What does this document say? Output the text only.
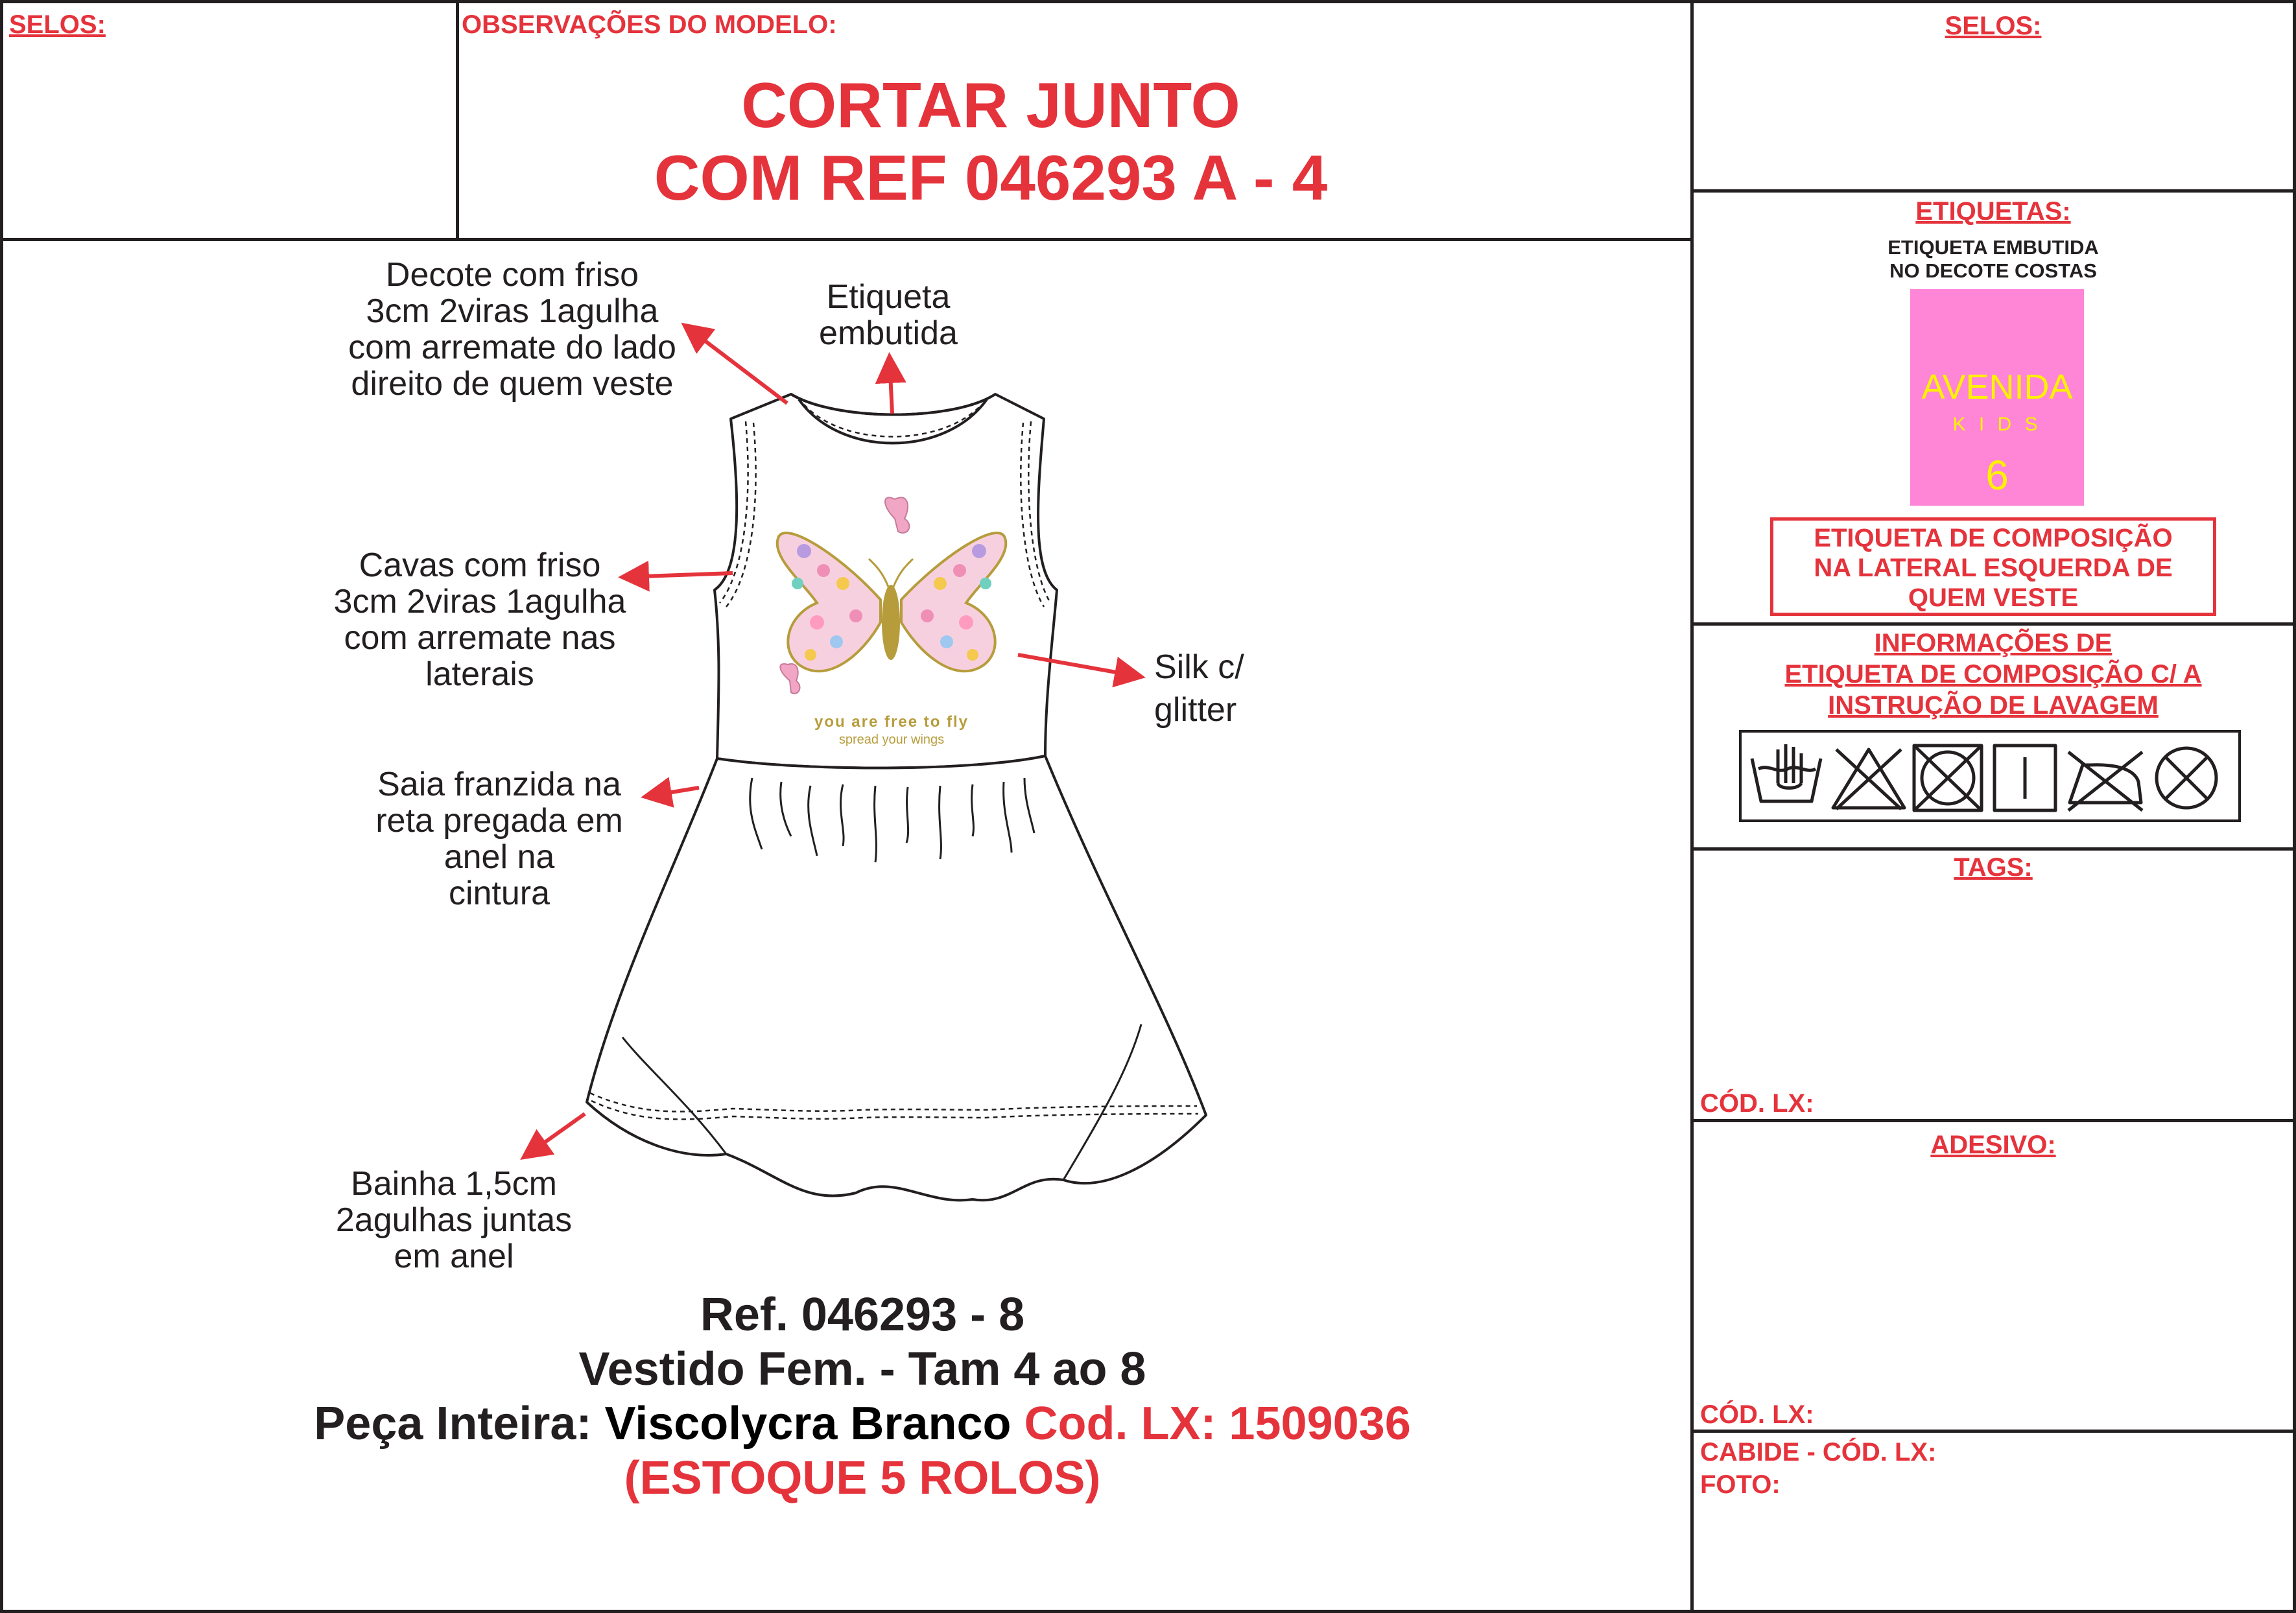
SELOS:	OBSERVAÇÕES DO MODELO:
CORTAR JUNTO
COM REF 046293 A - 4
Decote com friso
3cm 2viras 1agulha
com arremate do lado
direito de quem veste
Etiqueta
embutida
Cavas com friso
3cm 2viras 1agulha
com arremate nas
laterais	Silk c/
glitter
Saia franzida na
reta pregada em
anel na
cintura
Bainha 1,5cm
2agulhas juntas
em anel
you are free to fly
spread your wings
Ref. 046293 - 8
Vestido Fem. - Tam 4 ao 8
Peça Inteira: Viscolycra Branco Cod. LX: 1509036
(ESTOQUE 5 ROLOS)
SELOS:
ETIQUETAS:
ETIQUETA EMBUTIDA
NO DECOTE COSTAS
AVENIDA
K I D S
6
ETIQUETA DE COMPOSIÇÃO
NA LATERAL ESQUERDA DE
QUEM VESTE
INFORMAÇÕES DE
ETIQUETA DE COMPOSIÇÃO C/ A
INSTRUÇÃO DE LAVAGEM
TAGS:
CÓD. LX:
ADESIVO:
CÓD. LX:
CABIDE - CÓD. LX:
FOTO:
